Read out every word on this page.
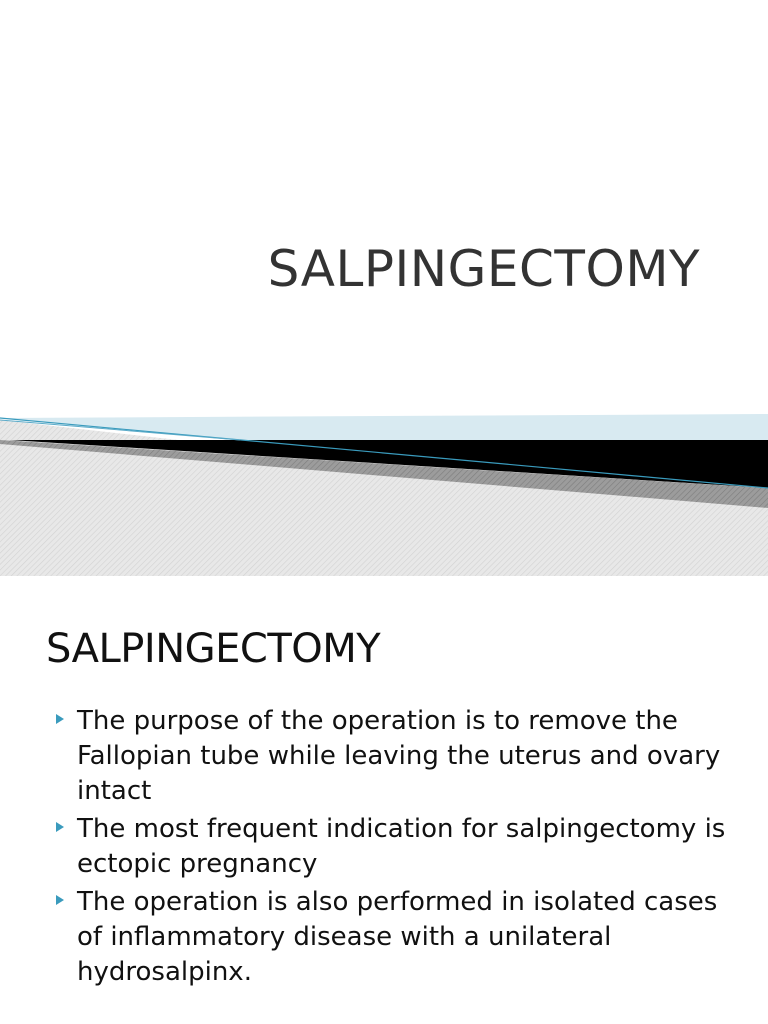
SALPINGECTOMY
SALPINGECTOMY
The purpose of the operation is to remove the Fallopian tube while leaving the uterus and ovary intact
The most frequent indication for salpingectomy is ectopic pregnancy
The operation is also performed in isolated cases of inflammatory disease with a unilateral hydrosalpinx.
